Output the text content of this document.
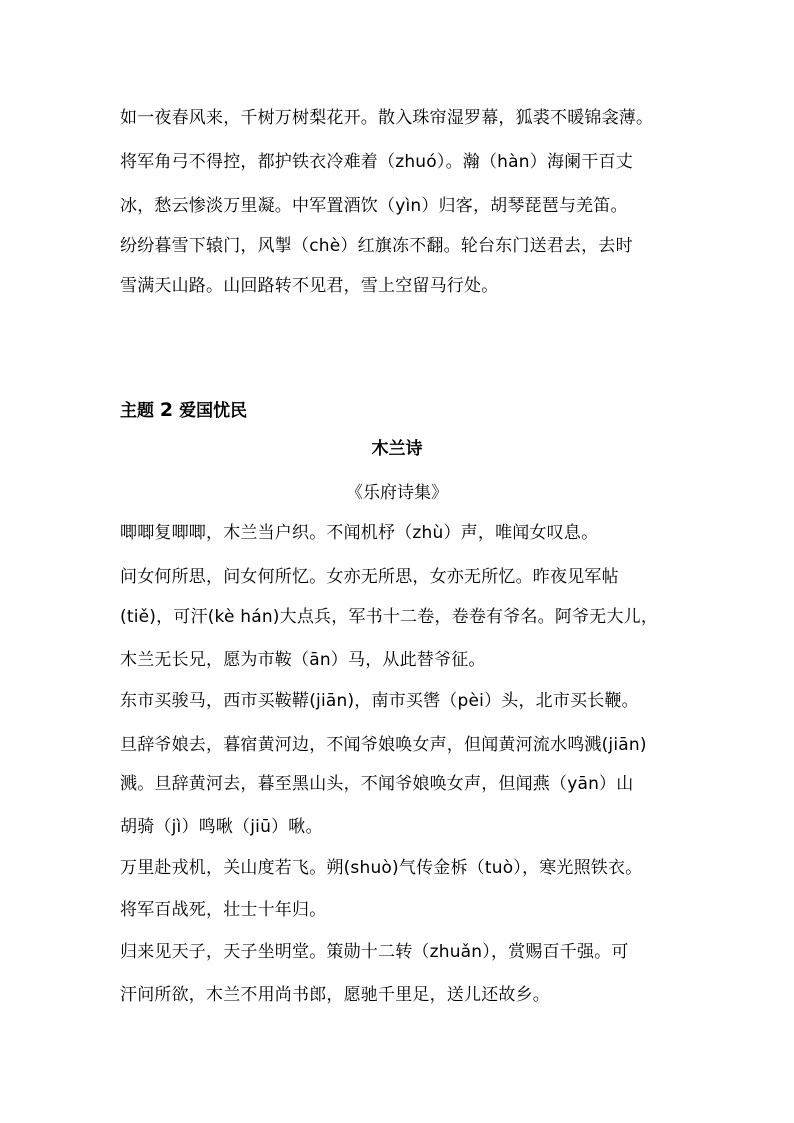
如一夜春风来，千树万树梨花开。散入珠帘湿罗幕，狐裘不暖锦衾薄。
将军角弓不得控，都护铁衣冷难着（zhuó）。瀚（hàn）海阑干百丈
冰，愁云惨淡万里凝。中军置酒饮（yìn）归客，胡琴琵琶与羌笛。
纷纷暮雪下辕门，风掣（chè）红旗冻不翻。轮台东门送君去，去时
雪满天山路。山回路转不见君，雪上空留马行处。
主题 2 爱国忧民
木兰诗
《乐府诗集》
唧唧复唧唧，木兰当户织。不闻机杼（zhù）声，唯闻女叹息。
问女何所思，问女何所忆。女亦无所思，女亦无所忆。昨夜见军帖
(tiě)，可汗(kè hán)大点兵，军书十二卷，卷卷有爷名。阿爷无大儿，
木兰无长兄，愿为市鞍（ān）马，从此替爷征。
东市买骏马，西市买鞍鞯(jiān)，南市买辔（pèi）头，北市买长鞭。
旦辞爷娘去，暮宿黄河边，不闻爷娘唤女声，但闻黄河流水鸣溅(jiān)
溅。旦辞黄河去，暮至黑山头，不闻爷娘唤女声，但闻燕（yān）山
胡骑（jì）鸣啾（jiū）啾。
万里赴戎机，关山度若飞。朔(shuò)气传金柝（tuò），寒光照铁衣。
将军百战死，壮士十年归。
归来见天子，天子坐明堂。策勋十二转（zhuǎn），赏赐百千强。可
汗问所欲，木兰不用尚书郎，愿驰千里足，送儿还故乡。
